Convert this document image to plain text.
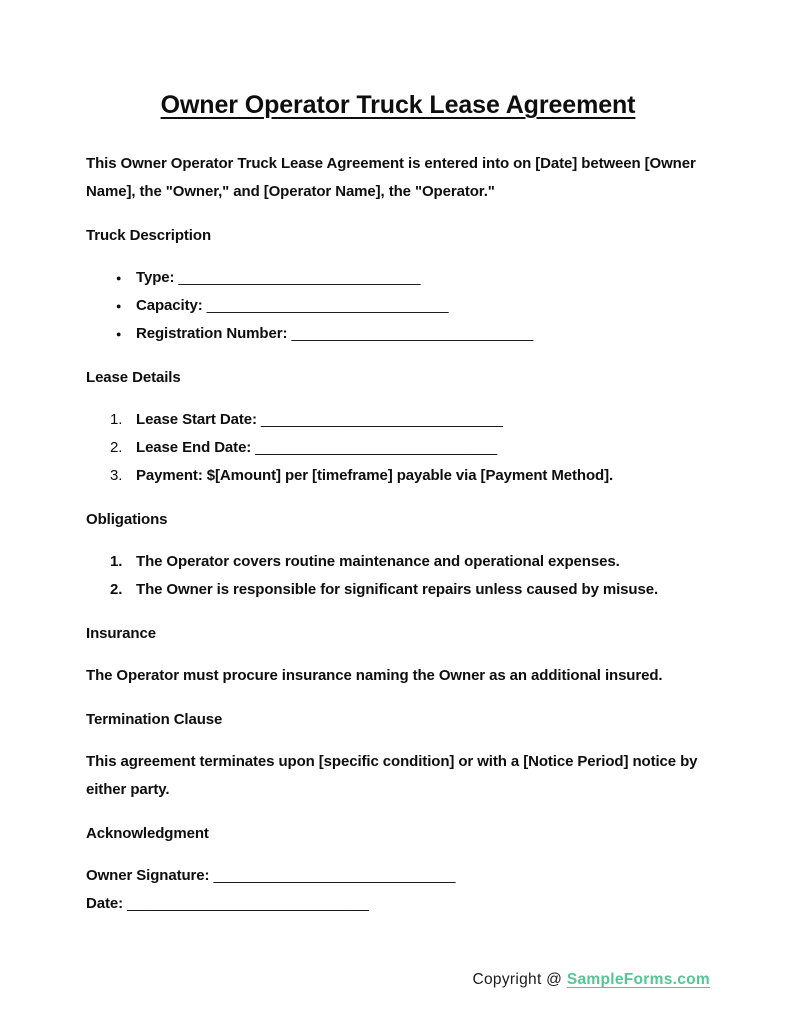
Owner Operator Truck Lease Agreement

This Owner Operator Truck Lease Agreement is entered into on [Date] between [Owner Name], the "Owner," and [Operator Name], the "Operator."

Truck Description
● Type:
_____________________________
● Capacity:
_____________________________
● Registration Number:
_____________________________
Lease Details
1. Lease Start Date:
_____________________________
2. Lease End Date:
_____________________________
3. Payment: $[Amount] per [timeframe] payable via [Payment Method].
Obligations
1. The Operator covers routine maintenance and operational expenses.
2. The Owner is responsible for significant repairs unless caused by misuse.
Insurance

The Operator must procure insurance naming the Owner as an additional insured.

Termination Clause

This agreement terminates upon [specific condition] or with a [Notice Period] notice by either party.

Acknowledgment
Owner Signature: _____________________________
Date: _____________________________
Copyright @ SampleForms.com
